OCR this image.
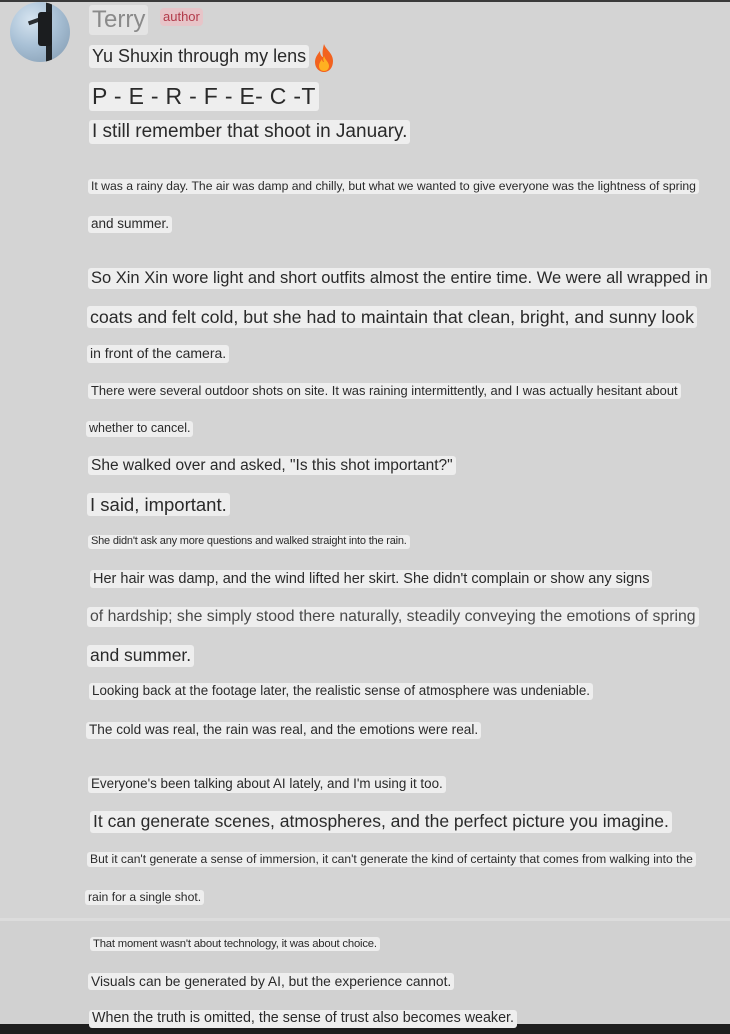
Terry author
Yu Shuxin through my lens
P - E - R - F - E- C -T
I still remember that shoot in January.
It was a rainy day. The air was damp and chilly, but what we wanted to give everyone was the lightness of spring
and summer.
So Xin Xin wore light and short outfits almost the entire time. We were all wrapped in
coats and felt cold, but she had to maintain that clean, bright, and sunny look
in front of the camera.
There were several outdoor shots on site. It was raining intermittently, and I was actually hesitant about
whether to cancel.
She walked over and asked, "Is this shot important?"
I said, important.
She didn't ask any more questions and walked straight into the rain.
Her hair was damp, and the wind lifted her skirt. She didn't complain or show any signs
of hardship; she simply stood there naturally, steadily conveying the emotions of spring
and summer.
Looking back at the footage later, the realistic sense of atmosphere was undeniable.
The cold was real, the rain was real, and the emotions were real.
Everyone's been talking about AI lately, and I'm using it too.
It can generate scenes, atmospheres, and the perfect picture you imagine.
But it can't generate a sense of immersion, it can't generate the kind of certainty that comes from walking into the
rain for a single shot.
That moment wasn't about technology, it was about choice.
Visuals can be generated by AI, but the experience cannot.
When the truth is omitted, the sense of trust also becomes weaker.
